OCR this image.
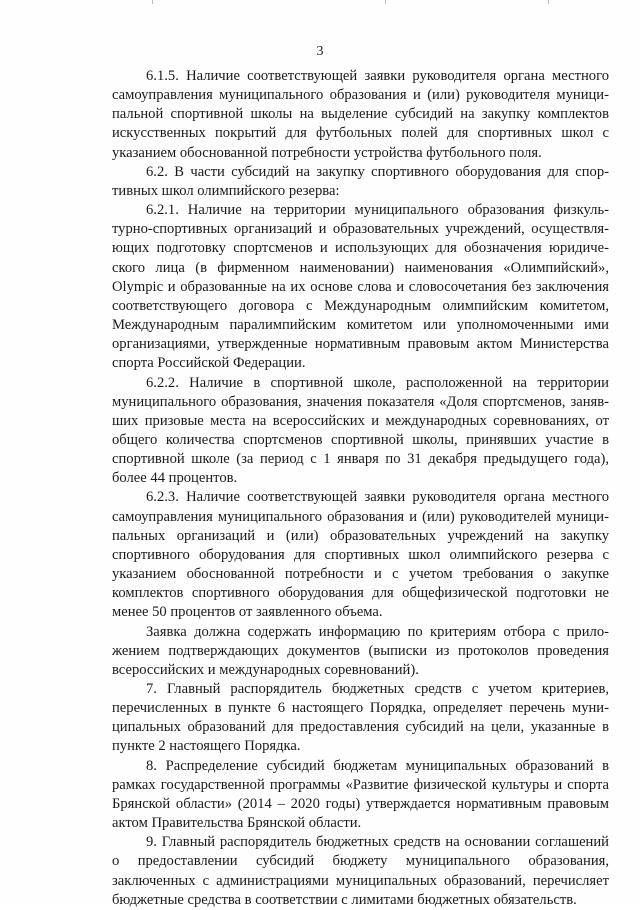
3

6.1.5. Наличие соответствующей заявки руководителя органа местного самоуправления муниципального образования и (или) руководителя муниципальной спортивной школы на выделение субсидий на закупку комплектов искусственных покрытий для футбольных полей для спортивных школ с указанием обоснованной потребности устройства футбольного поля.

6.2. В части субсидий на закупку спортивного оборудования для спортивных школ олимпийского резерва:

6.2.1. Наличие на территории муниципального образования физкультурно-спортивных организаций и образовательных учреждений, осуществляющих подготовку спортсменов и использующих для обозначения юридического лица (в фирменном наименовании) наименования «Олимпийский», Olympic и образованные на их основе слова и словосочетания без заключения соответствующего договора с Международным олимпийским комитетом, Международным паралимпийским комитетом или уполномоченными ими организациями, утвержденные нормативным правовым актом Министерства спорта Российской Федерации.

6.2.2. Наличие в спортивной школе, расположенной на территории муниципального образования, значения показателя «Доля спортсменов, занявших призовые места на всероссийских и международных соревнованиях, от общего количества спортсменов спортивной школы, принявших участие в спортивной школе (за период с 1 января по 31 декабря предыдущего года), более 44 процентов.

6.2.3. Наличие соответствующей заявки руководителя органа местного самоуправления муниципального образования и (или) руководителей муниципальных организаций и (или) образовательных учреждений на закупку спортивного оборудования для спортивных школ олимпийского резерва с указанием обоснованной потребности и с учетом требования о закупке комплектов спортивного оборудования для общефизической подготовки не менее 50 процентов от заявленного объема.

Заявка должна содержать информацию по критериям отбора с приложением подтверждающих документов (выписки из протоколов проведения всероссийских и международных соревнований).

7. Главный распорядитель бюджетных средств с учетом критериев, перечисленных в пункте 6 настоящего Порядка, определяет перечень муниципальных образований для предоставления субсидий на цели, указанные в пункте 2 настоящего Порядка.

8. Распределение субсидий бюджетам муниципальных образований в рамках государственной программы «Развитие физической культуры и спорта Брянской области» (2014 – 2020 годы) утверждается нормативным правовым актом Правительства Брянской области.

9. Главный распорядитель бюджетных средств на основании соглашений о предоставлении субсидий бюджету муниципального образования, заключенных с администрациями муниципальных образований, перечисляет бюджетные средства в соответствии с лимитами бюджетных обязательств.
